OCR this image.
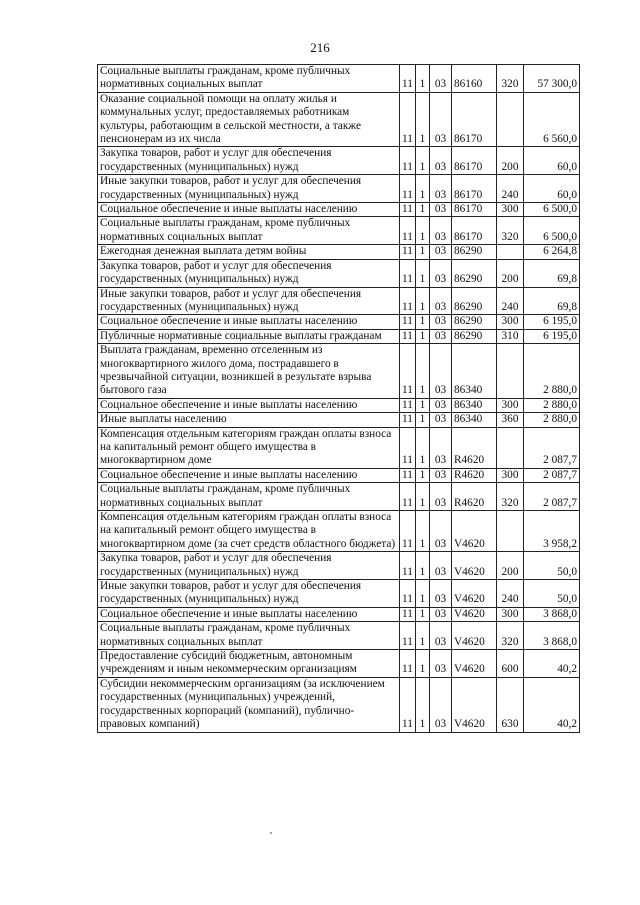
216
Социальные выплаты гражданам, кроме публичных нормативных социальных выплат	11	1	03	86160	320	57 300,0
Оказание социальной помощи на оплату жилья и коммунальных услуг, предоставляемых работникам культуры, работающим в сельской местности, а также пенсионерам из их числа	11	1	03	86170		6 560,0
Закупка товаров, работ и услуг для обеспечения государственных (муниципальных) нужд	11	1	03	86170	200	60,0
Иные закупки товаров, работ и услуг для обеспечения государственных (муниципальных) нужд	11	1	03	86170	240	60,0
Социальное обеспечение и иные выплаты населению	11	1	03	86170	300	6 500,0
Социальные выплаты гражданам, кроме публичных нормативных социальных выплат	11	1	03	86170	320	6 500,0
Ежегодная денежная выплата детям войны	11	1	03	86290		6 264,8
Закупка товаров, работ и услуг для обеспечения государственных (муниципальных) нужд	11	1	03	86290	200	69,8
Иные закупки товаров, работ и услуг для обеспечения государственных (муниципальных) нужд	11	1	03	86290	240	69,8
Социальное обеспечение и иные выплаты населению	11	1	03	86290	300	6 195,0
Публичные нормативные социальные выплаты гражданам	11	1	03	86290	310	6 195,0
Выплата гражданам, временно отселенным из многоквартирного жилого дома, пострадавшего в чрезвычайной ситуации, возникшей в результате взрыва бытового газа	11	1	03	86340		2 880,0
Социальное обеспечение и иные выплаты населению	11	1	03	86340	300	2 880,0
Иные выплаты населению	11	1	03	86340	360	2 880,0
Компенсация отдельным категориям граждан оплаты взноса на капитальный ремонт общего имущества в многоквартирном доме	11	1	03	R4620		2 087,7
Социальное обеспечение и иные выплаты населению	11	1	03	R4620	300	2 087,7
Социальные выплаты гражданам, кроме публичных нормативных социальных выплат	11	1	03	R4620	320	2 087,7
Компенсация отдельным категориям граждан оплаты взноса на капитальный ремонт общего имущества в многоквартирном доме (за счет средств областного бюджета)	11	1	03	V4620		3 958,2
Закупка товаров, работ и услуг для обеспечения государственных (муниципальных) нужд	11	1	03	V4620	200	50,0
Иные закупки товаров, работ и услуг для обеспечения государственных (муниципальных) нужд	11	1	03	V4620	240	50,0
Социальное обеспечение и иные выплаты населению	11	1	03	V4620	300	3 868,0
Социальные выплаты гражданам, кроме публичных нормативных социальных выплат	11	1	03	V4620	320	3 868,0
Предоставление субсидий бюджетным, автономным учреждениям и иным некоммерческим организациям	11	1	03	V4620	600	40,2
Субсидии некоммерческим организациям (за исключением государственных (муниципальных) учреждений, государственных корпораций (компаний), публично-правовых компаний)	11	1	03	V4620	630	40,2
